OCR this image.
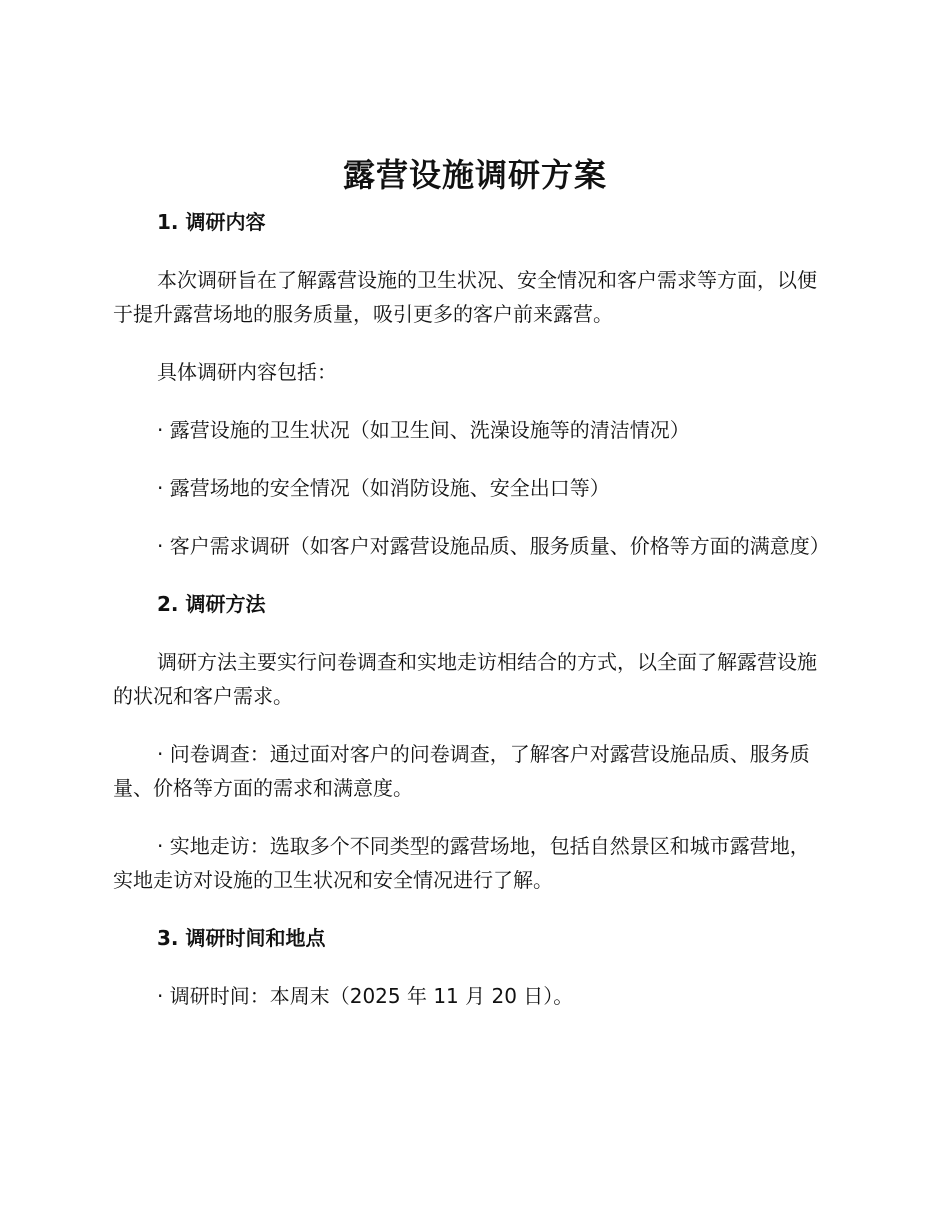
露营设施调研方案

1. 调研内容

本次调研旨在了解露营设施的卫生状况、安全情况和客户需求等方面，以便于提升露营场地的服务质量，吸引更多的客户前来露营。

具体调研内容包括：

· 露营设施的卫生状况（如卫生间、洗澡设施等的清洁情况）

· 露营场地的安全情况（如消防设施、安全出口等）

· 客户需求调研（如客户对露营设施品质、服务质量、价格等方面的满意度）

2. 调研方法

调研方法主要实行问卷调查和实地走访相结合的方式，以全面了解露营设施的状况和客户需求。

· 问卷调查：通过面对客户的问卷调查，了解客户对露营设施品质、服务质量、价格等方面的需求和满意度。

· 实地走访：选取多个不同类型的露营场地，包括自然景区和城市露营地，实地走访对设施的卫生状况和安全情况进行了解。

3. 调研时间和地点

· 调研时间：本周末（2025 年 11 月 20 日）。
